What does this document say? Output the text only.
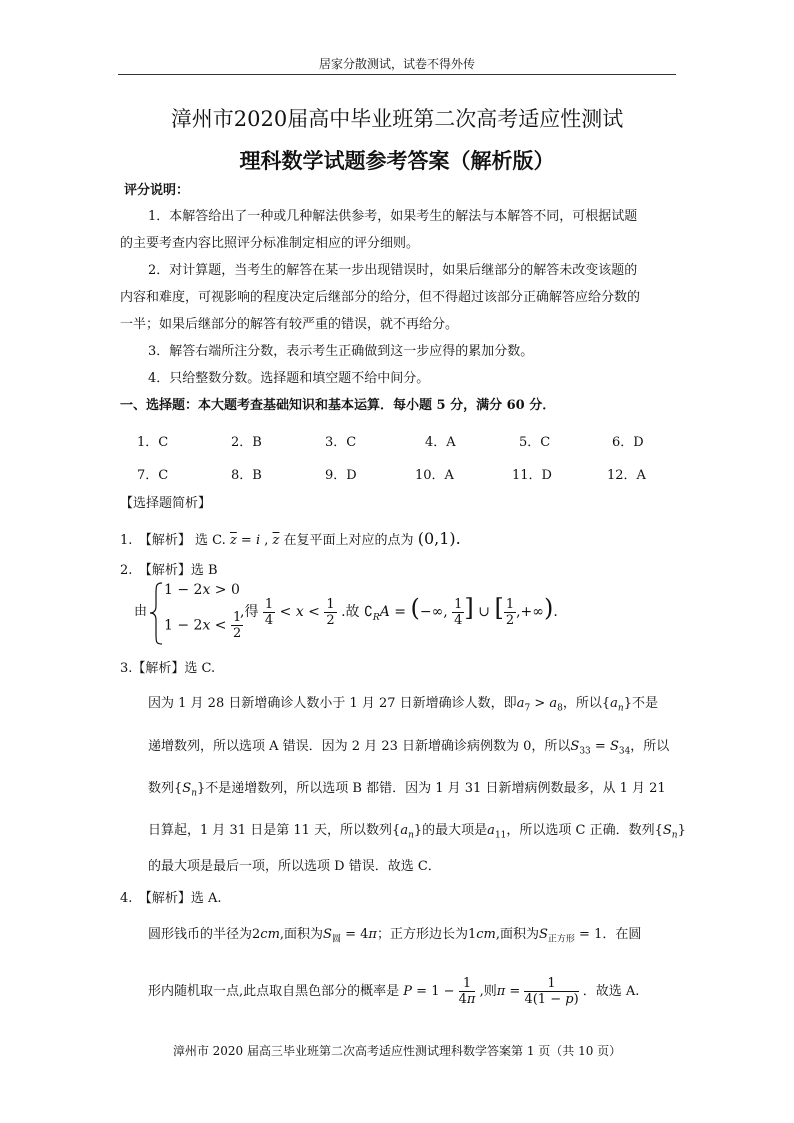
居家分散测试，试卷不得外传
漳州市2020届高中毕业班第二次高考适应性测试
理科数学试题参考答案（解析版）
评分说明：
1．本解答给出了一种或几种解法供参考，如果考生的解法与本解答不同，可根据试题
的主要考查内容比照评分标准制定相应的评分细则。
2．对计算题，当考生的解答在某一步出现错误时，如果后继部分的解答未改变该题的
内容和难度，可视影响的程度决定后继部分的给分，但不得超过该部分正确解答应给分数的
一半；如果后继部分的解答有较严重的错误，就不再给分。
3．解答右端所注分数，表示考生正确做到这一步应得的累加分数。
4．只给整数分数。选择题和填空题不给中间分。
一、选择题：本大题考查基础知识和基本运算．每小题 5 分，满分 60 分．
1．C	2．B	3．C	4．A	5．C	6．D
7．C	8．B	9．D	10．A	11．D	12．A
【选择题简析】
1.　【解析】 选 C. $\overline{z} = i$ , $\overline{z}$ 在复平面上对应的点为 (0,1).
2.　【解析】选 B
由
1 − 2x > 0
$1 - 2x < \frac{1}{2}$
,得 $\frac{1}{4} < x < \frac{1}{2}$ .故 $∁_RA$ = (−∞, $\frac{1}{4}$ ] ∪ [ $\frac{1}{2}$ ,+∞).
3.【解析】选 C.
因为 1 月 28 日新增确诊人数小于 1 月 27 日新增确诊人数，即$a_7 > a_8$，所以$\{a_n\}$不是
递增数列，所以选项 A 错误．因为 2 月 23 日新增确诊病例数为 0，所以$S_{33} = S_{34}$，所以
数列$\{S_n\}$不是递增数列，所以选项 B 都错．因为 1 月 31 日新增病例数最多，从 1 月 21
日算起，1 月 31 日是第 11 天，所以数列$\{a_n\}$的最大项是$a_{11}$，所以选项 C 正确．数列$\{S_n\}$
的最大项是最后一项，所以选项 D 错误．故选 C．
4.　【解析】选 A.
圆形钱币的半径为2cm,面积为$S_圆 = 4\pi$；正方形边长为1cm,面积为$S_{正方形} = 1$．在圆
形内随机取一点,此点取自黑色部分的概率是 $P = 1 - \frac{1}{4\pi}$ ,则$\pi = \frac{1}{4(1 - p)}$ ．故选 A.
漳州市 2020 届高三毕业班第二次高考适应性测试理科数学答案第 1 页（共 10 页）
